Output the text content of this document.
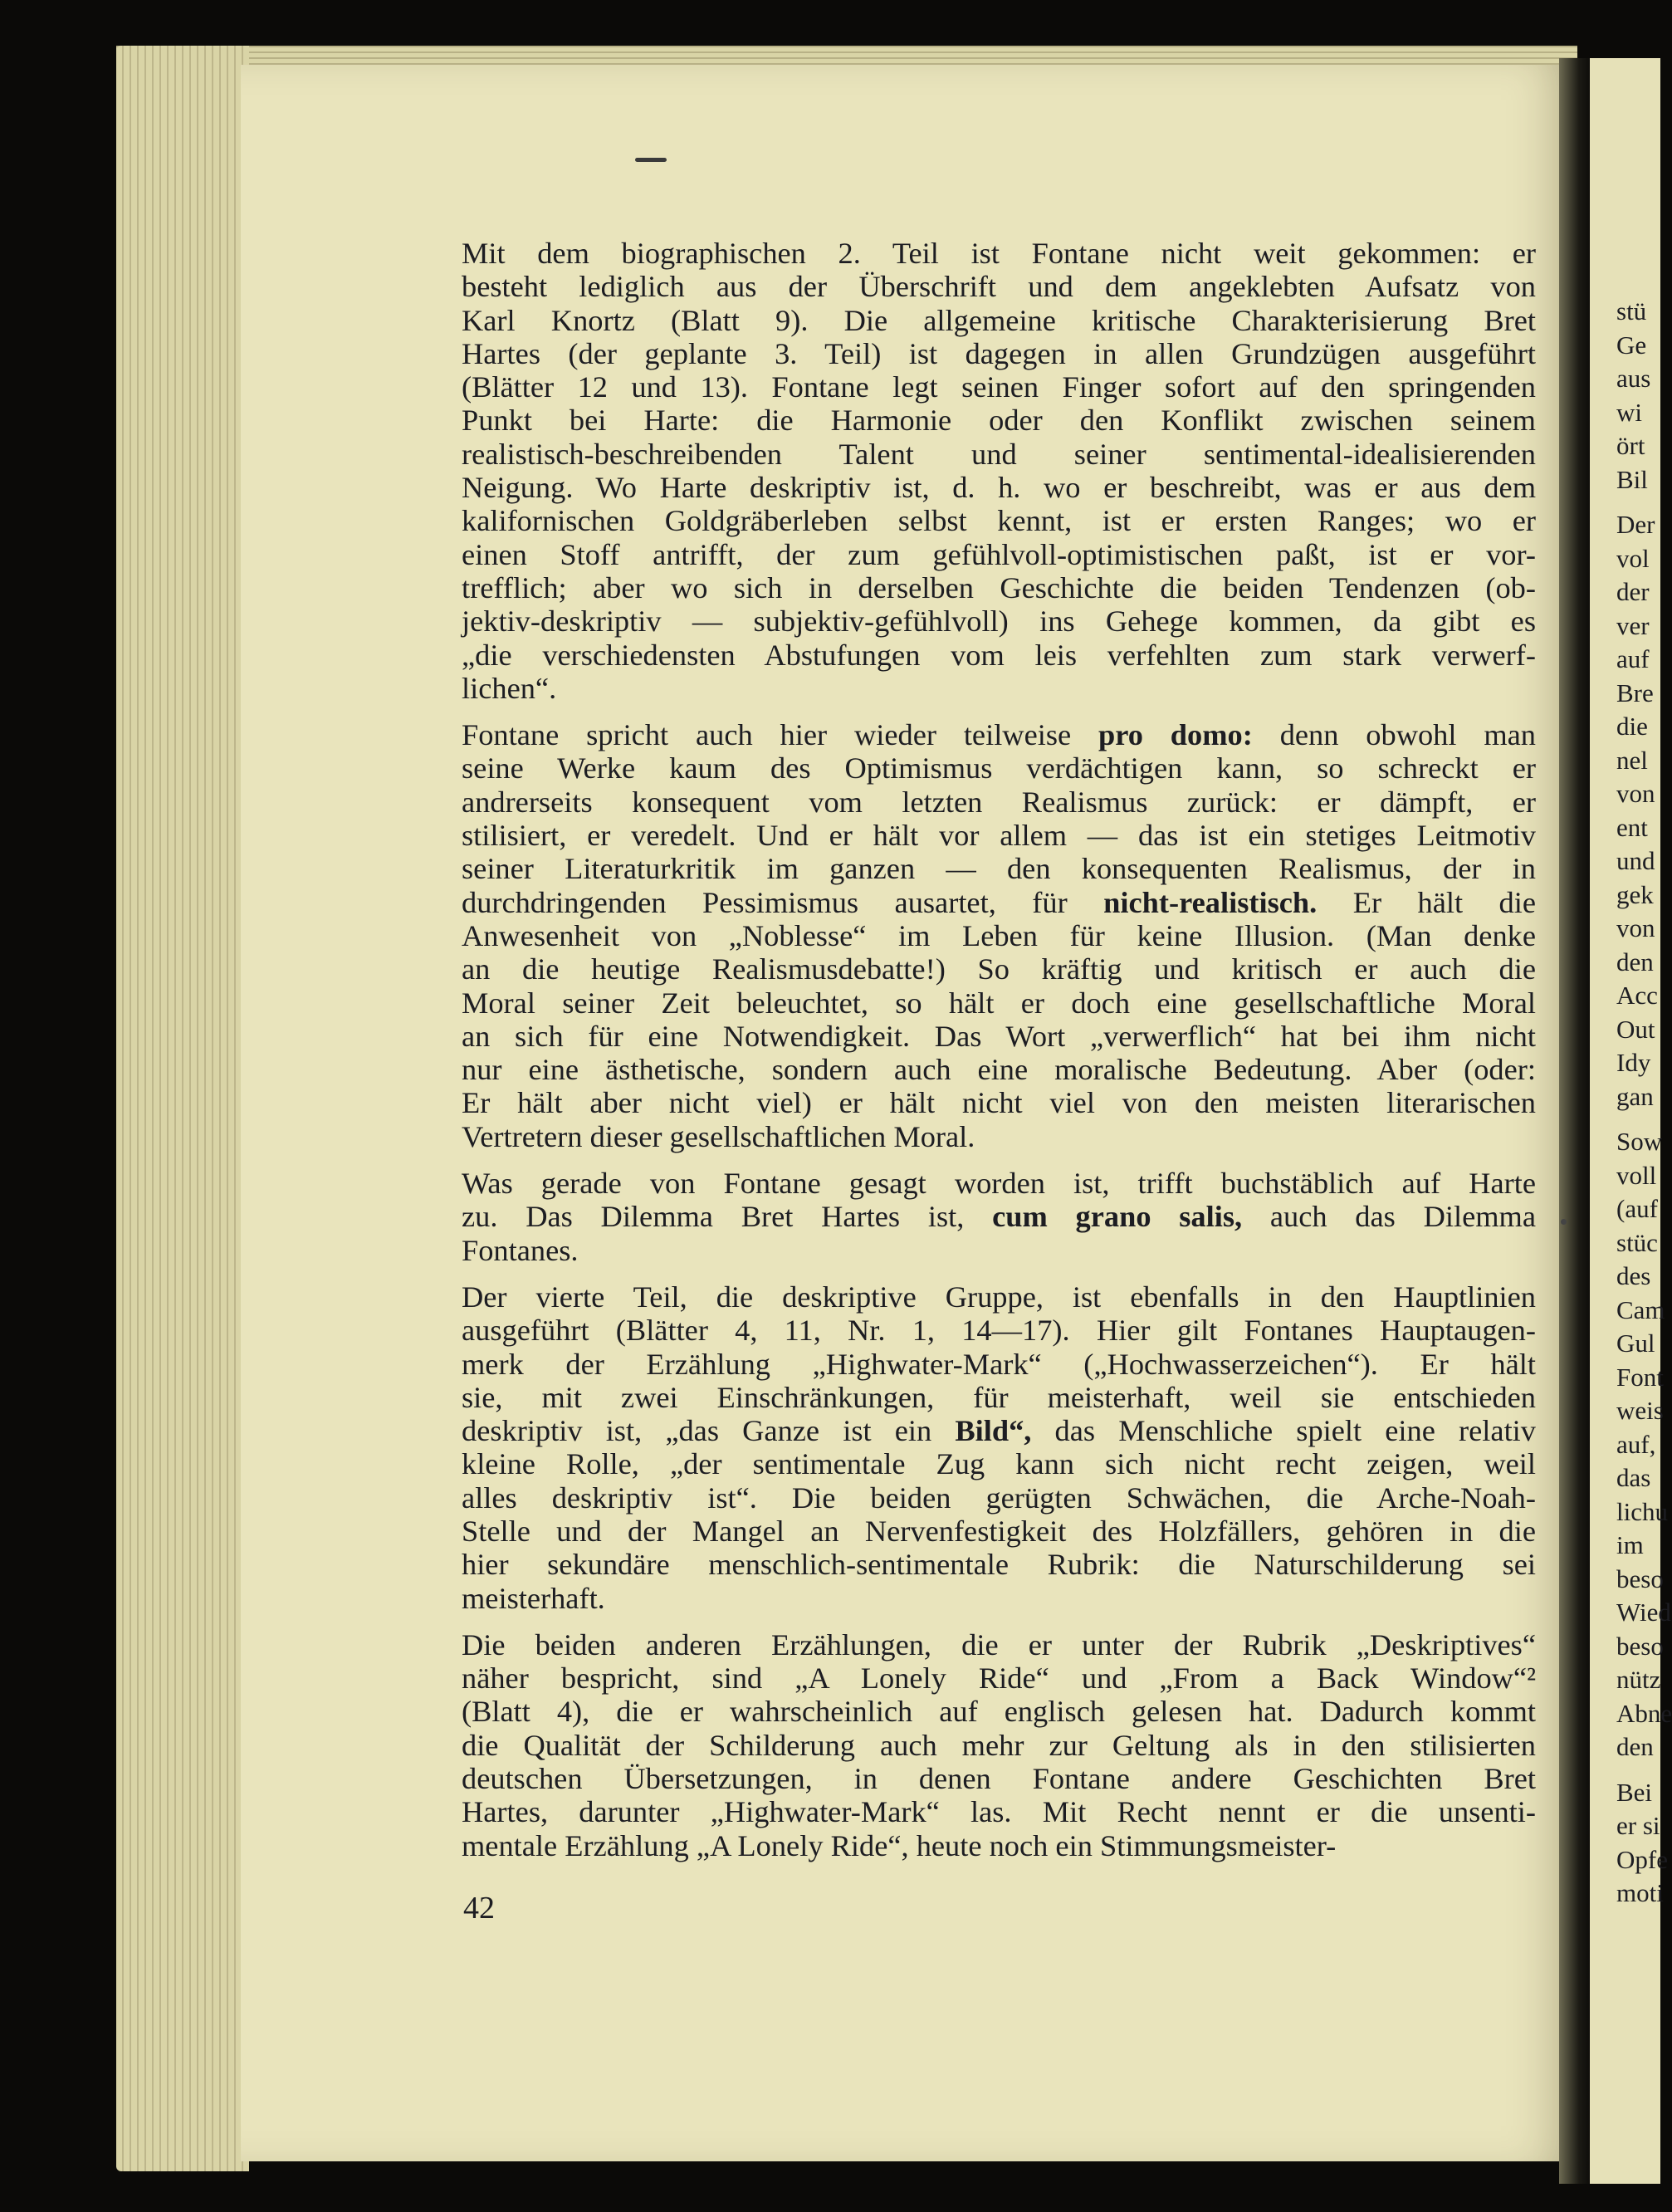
Mit dem biographischen 2. Teil ist Fontane nicht weit gekommen: er
besteht lediglich aus der Überschrift und dem angeklebten Aufsatz von
Karl Knortz (Blatt 9). Die allgemeine kritische Charakterisierung Bret
Hartes (der geplante 3. Teil) ist dagegen in allen Grundzügen ausgeführt
(Blätter 12 und 13). Fontane legt seinen Finger sofort auf den springenden
Punkt bei Harte: die Harmonie oder den Konflikt zwischen seinem
realistisch-beschreibenden Talent und seiner sentimental-idealisierenden
Neigung. Wo Harte deskriptiv ist, d. h. wo er beschreibt, was er aus dem
kalifornischen Goldgräberleben selbst kennt, ist er ersten Ranges; wo er
einen Stoff antrifft, der zum gefühlvoll-optimistischen paßt, ist er vor-
trefflich; aber wo sich in derselben Geschichte die beiden Tendenzen (ob-
jektiv-deskriptiv — subjektiv-gefühlvoll) ins Gehege kommen, da gibt es
„die verschiedensten Abstufungen vom leis verfehlten zum stark verwerf-
lichen“.

Fontane spricht auch hier wieder teilweise pro domo: denn obwohl man
seine Werke kaum des Optimismus verdächtigen kann, so schreckt er
andrerseits konsequent vom letzten Realismus zurück: er dämpft, er
stilisiert, er veredelt. Und er hält vor allem — das ist ein stetiges Leitmotiv
seiner Literaturkritik im ganzen — den konsequenten Realismus, der in
durchdringenden Pessimismus ausartet, für nicht-realistisch. Er hält die
Anwesenheit von „Noblesse“ im Leben für keine Illusion. (Man denke
an die heutige Realismusdebatte!) So kräftig und kritisch er auch die
Moral seiner Zeit beleuchtet, so hält er doch eine gesellschaftliche Moral
an sich für eine Notwendigkeit. Das Wort „verwerflich“ hat bei ihm nicht
nur eine ästhetische, sondern auch eine moralische Bedeutung. Aber (oder:
Er hält aber nicht viel) er hält nicht viel von den meisten literarischen
Vertretern dieser gesellschaftlichen Moral.

Was gerade von Fontane gesagt worden ist, trifft buchstäblich auf Harte
zu. Das Dilemma Bret Hartes ist, cum grano salis, auch das Dilemma
Fontanes.

Der vierte Teil, die deskriptive Gruppe, ist ebenfalls in den Hauptlinien
ausgeführt (Blätter 4, 11, Nr. 1, 14—17). Hier gilt Fontanes Hauptaugen-
merk der Erzählung „Highwater-Mark“ („Hochwasserzeichen“). Er hält
sie, mit zwei Einschränkungen, für meisterhaft, weil sie entschieden
deskriptiv ist, „das Ganze ist ein Bild“, das Menschliche spielt eine relativ
kleine Rolle, „der sentimentale Zug kann sich nicht recht zeigen, weil
alles deskriptiv ist“. Die beiden gerügten Schwächen, die Arche-Noah-
Stelle und der Mangel an Nervenfestigkeit des Holzfällers, gehören in die
hier sekundäre menschlich-sentimentale Rubrik: die Naturschilderung sei
meisterhaft.

Die beiden anderen Erzählungen, die er unter der Rubrik „Deskriptives“
näher bespricht, sind „A Lonely Ride“ und „From a Back Window“²
(Blatt 4), die er wahrscheinlich auf englisch gelesen hat. Dadurch kommt
die Qualität der Schilderung auch mehr zur Geltung als in den stilisierten
deutschen Übersetzungen, in denen Fontane andere Geschichten Bret
Hartes, darunter „Highwater-Mark“ las. Mit Recht nennt er die unsenti-
mentale Erzählung „A Lonely Ride“, heute noch ein Stimmungsmeister-

42
stü
Ge
aus
wi
ört
Bil
Der
vol
der
ver
auf
Bre
die
nel
von
ent
und
gek
von
den
Acc
Out
Idy
gan
Sow
voll
(auf
stüc
des
Cam
Gul
Font
weis
auf,
das
lichu
im
beso
Wied
beso
nütz
Abne
den
Bei
er si
Opfe
moti
